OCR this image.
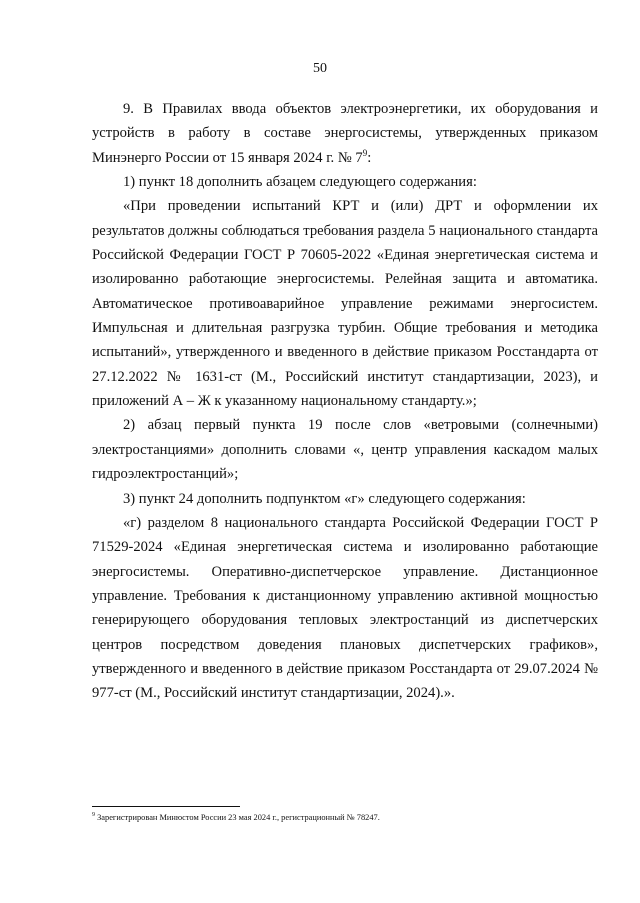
50

9. В Правилах ввода объектов электроэнергетики, их оборудования и устройств в работу в составе энергосистемы, утвержденных приказом Минэнерго России от 15 января 2024 г. № $7^9$:

1) пункт 18 дополнить абзацем следующего содержания:

«При проведении испытаний КРТ и (или) ДРТ и оформлении их результатов должны соблюдаться требования раздела 5 национального стандарта Российской Федерации ГОСТ Р 70605-2022 «Единая энергетическая система и изолированно работающие энергосистемы. Релейная защита и автоматика. Автоматическое противоаварийное управление режимами энергосистем. Импульсная и длительная разгрузка турбин. Общие требования и методика испытаний», утвержденного и введенного в действие приказом Росстандарта от 27.12.2022 № 1631-ст (М., Российский институт стандартизации, 2023), и приложений А – Ж к указанному национальному стандарту.»;

2) абзац первый пункта 19 после слов «ветровыми (солнечными) электростанциями» дополнить словами «, центр управления каскадом малых гидроэлектростанций»;

3) пункт 24 дополнить подпунктом «г» следующего содержания:

«г) разделом 8 национального стандарта Российской Федерации ГОСТ Р 71529-2024 «Единая энергетическая система и изолированно работающие энергосистемы. Оперативно-диспетчерское управление. Дистанционное управление. Требования к дистанционному управлению активной мощностью генерирующего оборудования тепловых электростанций из диспетчерских центров посредством доведения плановых диспетчерских графиков», утвержденного и введенного в действие приказом Росстандарта от 29.07.2024 № 977-ст (М., Российский институт стандартизации, 2024).».

$^9$ Зарегистрирован Минюстом России 23 мая 2024 г., регистрационный № 78247.
